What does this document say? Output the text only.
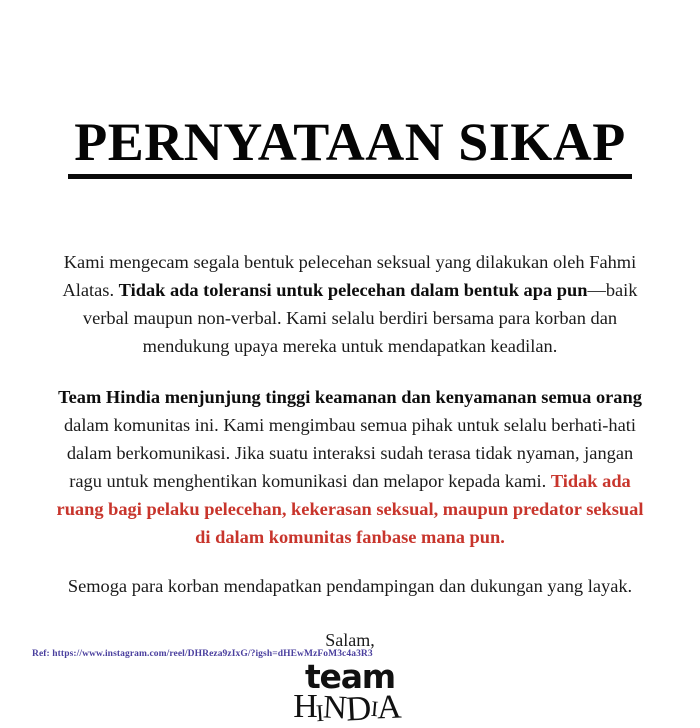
PERNYATAAN SIKAP

Kami mengecam segala bentuk pelecehan seksual yang dilakukan oleh Fahmi Alatas. Tidak ada toleransi untuk pelecehan dalam bentuk apa pun—baik verbal maupun non-verbal. Kami selalu berdiri bersama para korban dan mendukung upaya mereka untuk mendapatkan keadilan.

Team Hindia menjunjung tinggi keamanan dan kenyamanan semua orang dalam komunitas ini. Kami mengimbau semua pihak untuk selalu berhati-hati dalam berkomunikasi. Jika suatu interaksi sudah terasa tidak nyaman, jangan ragu untuk menghentikan komunikasi dan melapor kepada kami. Tidak ada ruang bagi pelaku pelecehan, kekerasan seksual, maupun predator seksual di dalam komunitas fanbase mana pun.

Semoga para korban mendapatkan pendampingan dan dukungan yang layak.

Salam,
team
HINDIA
Ref: https://www.instagram.com/reel/DHReza9zIxG/?igsh=dHEwMzFoM3c4a3R3
